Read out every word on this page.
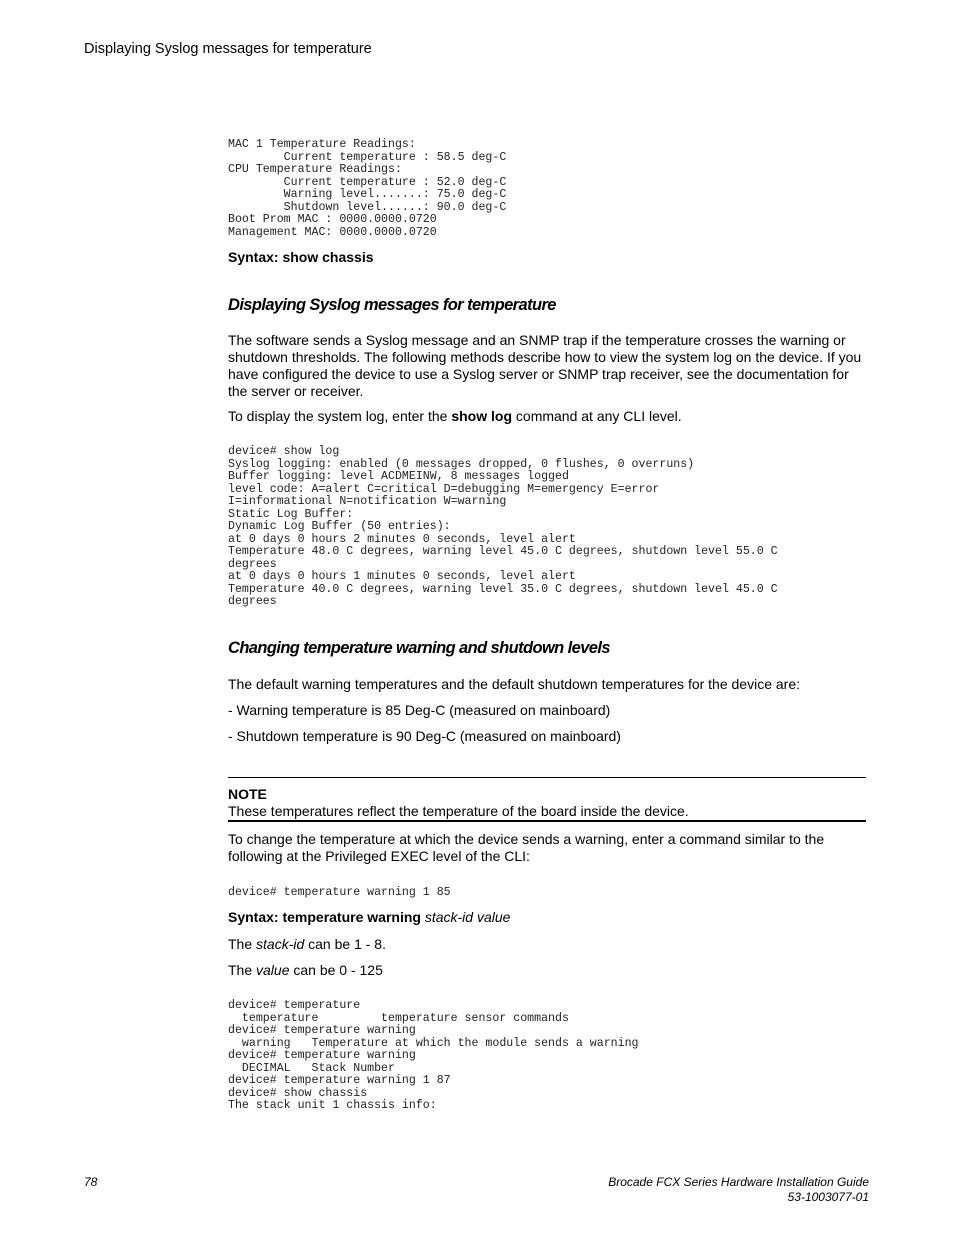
Displaying Syslog messages for temperature
MAC 1 Temperature Readings:
Current temperature : 58.5 deg-C
CPU Temperature Readings:
Current temperature : 52.0 deg-C
Warning level.......: 75.0 deg-C
Shutdown level......: 90.0 deg-C
Boot Prom MAC : 0000.0000.0720
Management MAC: 0000.0000.0720
Syntax: show chassis
Displaying Syslog messages for temperature

The software sends a Syslog message and an SNMP trap if the temperature crosses the warning or shutdown thresholds. The following methods describe how to view the system log on the device. If you have configured the device to use a Syslog server or SNMP trap receiver, see the documentation for the server or receiver.

To display the system log, enter the show log command at any CLI level.

device# show log
Syslog logging: enabled (0 messages dropped, 0 flushes, 0 overruns)
Buffer logging: level ACDMEINW, 8 messages logged
level code: A=alert C=critical D=debugging M=emergency E=error
I=informational N=notification W=warning
Static Log Buffer:
Dynamic Log Buffer (50 entries):
at 0 days 0 hours 2 minutes 0 seconds, level alert
Temperature 48.0 C degrees, warning level 45.0 C degrees, shutdown level 55.0 C
degrees
at 0 days 0 hours 1 minutes 0 seconds, level alert
Temperature 40.0 C degrees, warning level 35.0 C degrees, shutdown level 45.0 C
degrees
Changing temperature warning and shutdown levels

The default warning temperatures and the default shutdown temperatures for the device are:

- Warning temperature is 85 Deg-C (measured on mainboard)

- Shutdown temperature is 90 Deg-C (measured on mainboard)

NOTE
These temperatures reflect the temperature of the board inside the device.

To change the temperature at which the device sends a warning, enter a command similar to the following at the Privileged EXEC level of the CLI:

device# temperature warning 1 85
Syntax: temperature warning stack-id value

The stack-id can be 1 - 8.

The value can be 0 - 125

device# temperature
temperature         temperature sensor commands
device# temperature warning
warning   Temperature at which the module sends a warning
device# temperature warning
DECIMAL   Stack Number
device# temperature warning 1 87
device# show chassis
The stack unit 1 chassis info:
78	Brocade FCX Series Hardware Installation Guide
53-1003077-01
